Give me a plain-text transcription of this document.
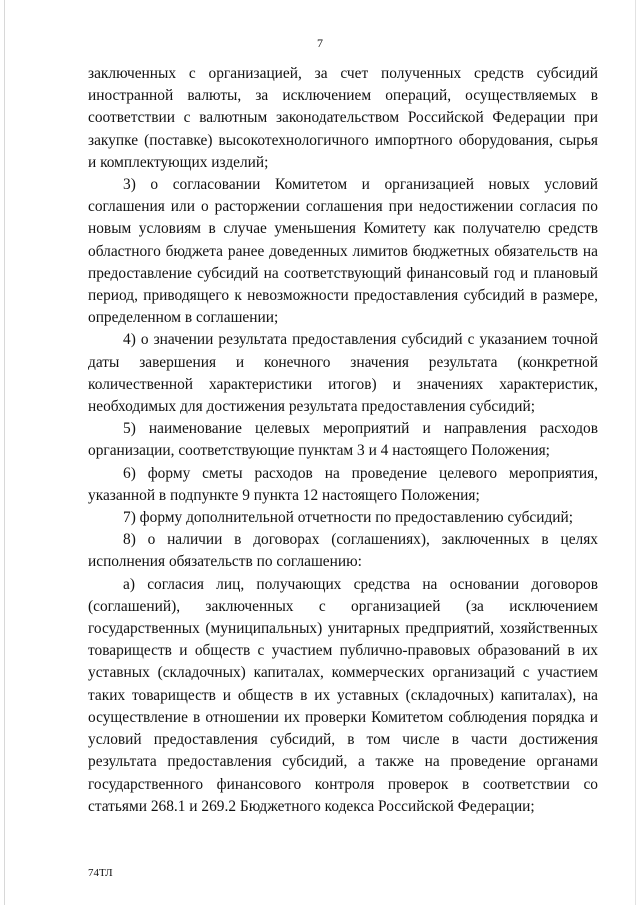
7

заключенных с организацией, за счет полученных средств субсидий иностранной валюты, за исключением операций, осуществляемых в соответствии с валютным законодательством Российской Федерации при закупке (поставке) высокотехнологичного импортного оборудования, сырья и комплектующих изделий;

3) о согласовании Комитетом и организацией новых условий соглашения или о расторжении соглашения при недостижении согласия по новым условиям в случае уменьшения Комитету как получателю средств областного бюджета ранее доведенных лимитов бюджетных обязательств на предоставление субсидий на соответствующий финансовый год и плановый период, приводящего к невозможности предоставления субсидий в размере, определенном в соглашении;

4) о значении результата предоставления субсидий с указанием точной даты завершения и конечного значения результата (конкретной количественной характеристики итогов) и значениях характеристик, необходимых для достижения результата предоставления субсидий;

5) наименование целевых мероприятий и направления расходов организации, соответствующие пунктам 3 и 4 настоящего Положения;

6) форму сметы расходов на проведение целевого мероприятия, указанной в подпункте 9 пункта 12 настоящего Положения;

7) форму дополнительной отчетности по предоставлению субсидий;

8) о наличии в договорах (соглашениях), заключенных в целях исполнения обязательств по соглашению:

а) согласия лиц, получающих средства на основании договоров (соглашений), заключенных с организацией (за исключением государственных (муниципальных) унитарных предприятий, хозяйственных товариществ и обществ с участием публично-правовых образований в их уставных (складочных) капиталах, коммерческих организаций с участием таких товариществ и обществ в их уставных (складочных) капиталах), на осуществление в отношении их проверки Комитетом соблюдения порядка и условий предоставления субсидий, в том числе в части достижения результата предоставления субсидий, а также на проведение органами государственного финансового контроля проверок в соответствии со статьями 268.1 и 269.2 Бюджетного кодекса Российской Федерации;

74ТЛ
